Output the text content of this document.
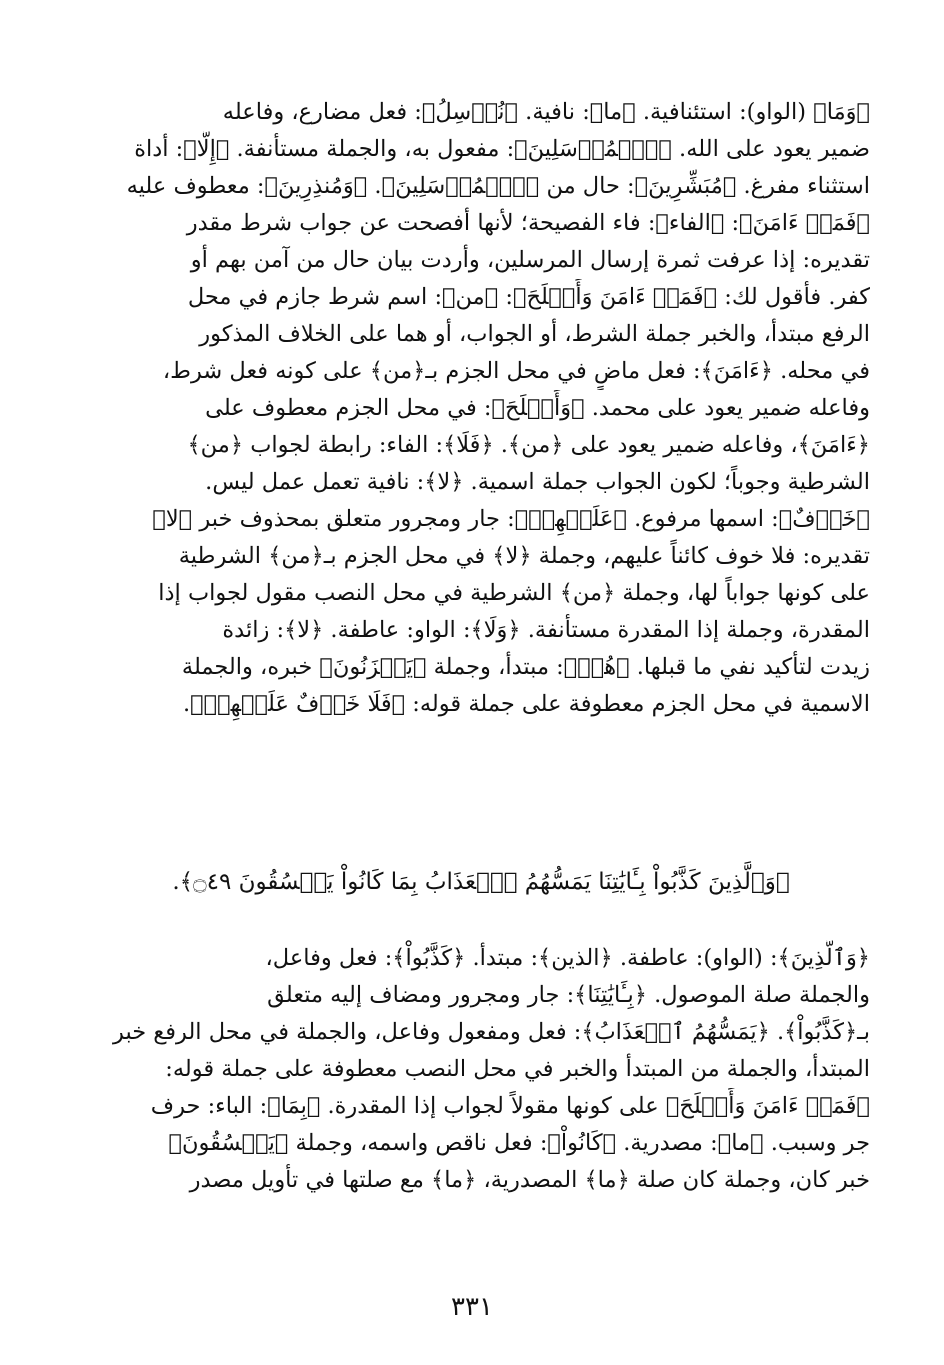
﴿وَمَا﴾ (الواو): استئنافية. ﴿ما﴾: نافية. ﴿نُرۡسِلُ﴾: فعل مضارع، وفاعله
ضمير يعود على الله. ﴿ٱلۡمُرۡسَلِينَ﴾: مفعول به، والجملة مستأنفة. ﴿إِلَّا﴾: أداة
استثناء مفرغ. ﴿مُبَشِّرِينَ﴾: حال من ﴿ٱلۡمُرۡسَلِينَ﴾. ﴿وَمُنذِرِينَ﴾: معطوف عليه
﴿فَمَنۡ ءَامَنَ﴾: ﴿الفاء﴾: فاء الفصيحة؛ لأنها أفصحت عن جواب شرط مقدر
تقديره: إذا عرفت ثمرة إرسال المرسلين، وأردت بيان حال من آمن بهم أو
كفر. فأقول لك: ﴿فَمَنۡ ءَامَنَ وَأَصۡلَحَ﴾: ﴿من﴾: اسم شرط جازم في محل
الرفع مبتدأ، والخبر جملة الشرط، أو الجواب، أو هما على الخلاف المذكور
في محله. ﴿ءَامَنَ﴾: فعل ماضٍ في محل الجزم بـ﴿من﴾ على كونه فعل شرط،
وفاعله ضمير يعود على محمد. ﴿وَأَصۡلَحَ﴾: في محل الجزم معطوف على
﴿ءَامَنَ﴾، وفاعله ضمير يعود على ﴿من﴾. ﴿فَلَا﴾: الفاء: رابطة لجواب ﴿من﴾
الشرطية وجوباً؛ لكون الجواب جملة اسمية. ﴿لا﴾: نافية تعمل عمل ليس.
﴿خَوۡفٌ﴾: اسمها مرفوع. ﴿عَلَيۡهِمۡ﴾: جار ومجرور متعلق بمحذوف خبر ﴿لا﴾
تقديره: فلا خوف كائناً عليهم، وجملة ﴿لا﴾ في محل الجزم بـ﴿من﴾ الشرطية
على كونها جواباً لها، وجملة ﴿من﴾ الشرطية في محل النصب مقول لجواب إذا
المقدرة، وجملة إذا المقدرة مستأنفة. ﴿وَلَا﴾: الواو: عاطفة. ﴿لا﴾: زائدة
زيدت لتأكيد نفي ما قبلها. ﴿هُمۡ﴾: مبتدأ، وجملة ﴿يَحۡزَنُونَ﴾ خبره، والجملة
الاسمية في محل الجزم معطوفة على جملة قوله: ﴿فَلَا خَوۡفٌ عَلَيۡهِمۡ﴾.
﴿وَٱلَّذِينَ كَذَّبُواْ بِـَٔايَٰتِنَا يَمَسُّهُمُ ٱلۡعَذَابُ بِمَا كَانُواْ يَفۡسُقُونَ ۝٤٩﴾.
﴿وَٱلَّذِينَ﴾: (الواو): عاطفة. ﴿الذين﴾: مبتدأ. ﴿كَذَّبُواْ﴾: فعل وفاعل،
والجملة صلة الموصول. ﴿بِـَٔايَٰتِنَا﴾: جار ومجرور ومضاف إليه متعلق
بـ﴿كَذَّبُواْ﴾. ﴿يَمَسُّهُمُ ٱلۡعَذَابُ﴾: فعل ومفعول وفاعل، والجملة في محل الرفع خبر
المبتدأ، والجملة من المبتدأ والخبر في محل النصب معطوفة على جملة قوله:
﴿فَمَنۡ ءَامَنَ وَأَصۡلَحَ﴾ على كونها مقولاً لجواب إذا المقدرة. ﴿بِمَا﴾: الباء: حرف
جر وسبب. ﴿ما﴾: مصدرية. ﴿كَانُواْ﴾: فعل ناقص واسمه، وجملة ﴿يَفۡسُقُونَ﴾
خبر كان، وجملة كان صلة ﴿ما﴾ المصدرية، ﴿ما﴾ مع صلتها في تأويل مصدر
٣٣١
